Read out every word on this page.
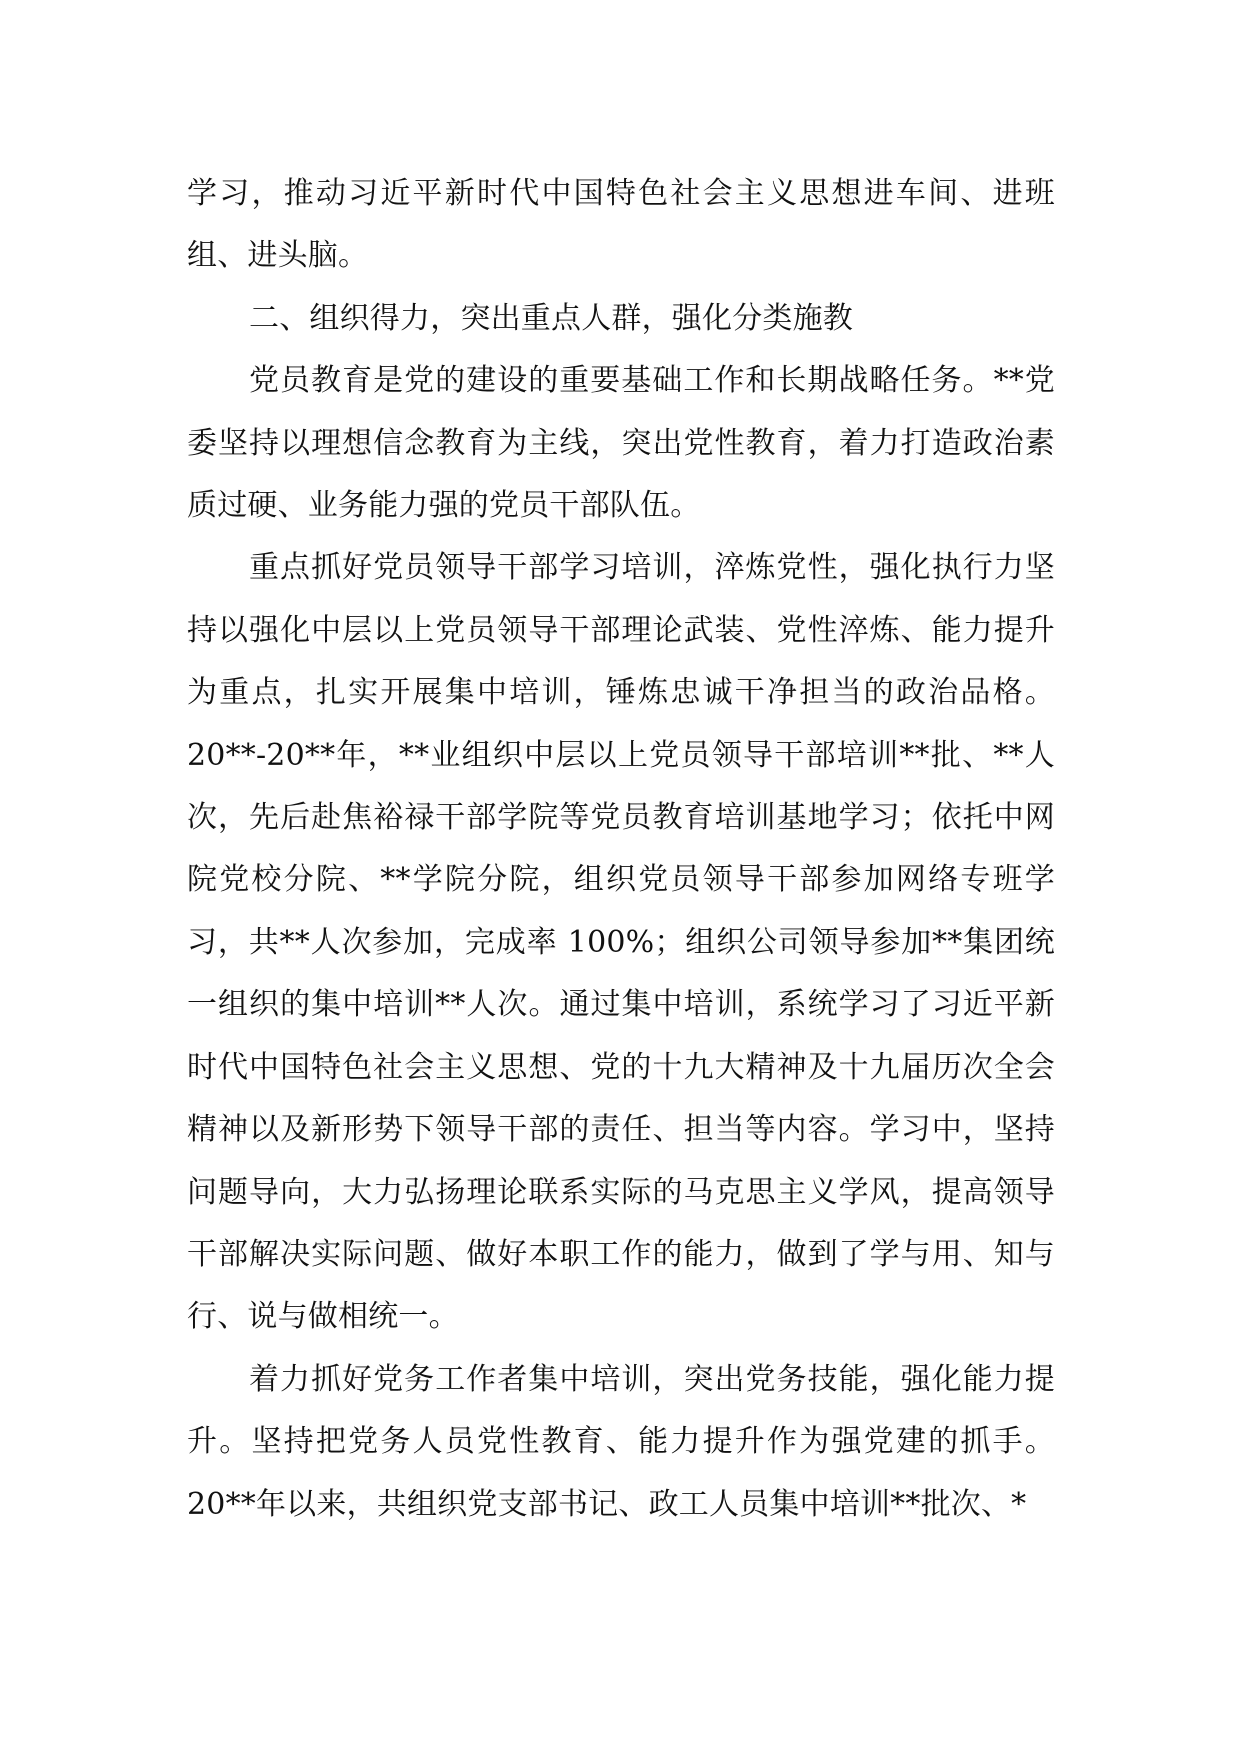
学习，推动习近平新时代中国特色社会主义思想进车间、进班组、进头脑。

二、组织得力，突出重点人群，强化分类施教

党员教育是党的建设的重要基础工作和长期战略任务。**党委坚持以理想信念教育为主线，突出党性教育，着力打造政治素质过硬、业务能力强的党员干部队伍。

重点抓好党员领导干部学习培训，淬炼党性，强化执行力坚持以强化中层以上党员领导干部理论武装、党性淬炼、能力提升为重点，扎实开展集中培训，锤炼忠诚干净担当的政治品格。20**-20**年，**业组织中层以上党员领导干部培训**批、**人次，先后赴焦裕禄干部学院等党员教育培训基地学习；依托中网院党校分院、**学院分院，组织党员领导干部参加网络专班学习，共**人次参加，完成率 100%；组织公司领导参加**集团统一组织的集中培训**人次。通过集中培训，系统学习了习近平新时代中国特色社会主义思想、党的十九大精神及十九届历次全会精神以及新形势下领导干部的责任、担当等内容。学习中，坚持问题导向，大力弘扬理论联系实际的马克思主义学风，提高领导干部解决实际问题、做好本职工作的能力，做到了学与用、知与行、说与做相统一。

着力抓好党务工作者集中培训，突出党务技能，强化能力提升。坚持把党务人员党性教育、能力提升作为强党建的抓手。20**年以来，共组织党支部书记、政工人员集中培训**批次、*
